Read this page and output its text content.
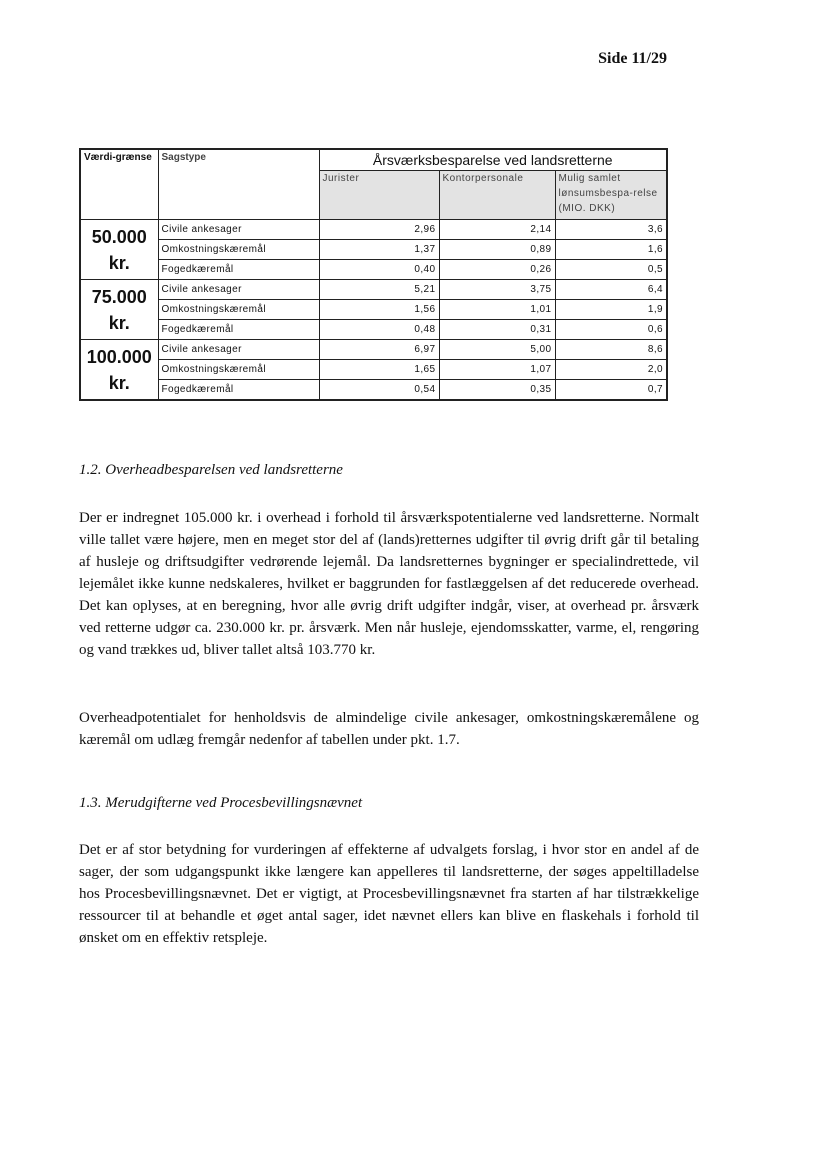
Side 11/29
Værdi-grænse	Sagstype	Årsværksbesparelse ved landsretterne		
		Jurister	Kontorpersonale	Mulig samlet lønsumsbespa-relse (MIO. DKK)
50.000 kr.	Civile ankesager	2,96	2,14	3,6
	Omkostningskæremål	1,37	0,89	1,6
	Fogedkæremål	0,40	0,26	0,5
75.000 kr.	Civile ankesager	5,21	3,75	6,4
	Omkostningskæremål	1,56	1,01	1,9
	Fogedkæremål	0,48	0,31	0,6
100.000 kr.	Civile ankesager	6,97	5,00	8,6
	Omkostningskæremål	1,65	1,07	2,0
	Fogedkæremål	0,54	0,35	0,7
1.2. Overheadbesparelsen ved landsretterne

Der er indregnet 105.000 kr. i overhead i forhold til årsværkspotentialerne ved landsretterne. Normalt ville tallet være højere, men en meget stor del af (lands)retternes udgifter til øvrig drift går til betaling af husleje og driftsudgifter vedrørende lejemål. Da landsretternes bygninger er specialindrettede, vil lejemålet ikke kunne nedskaleres, hvilket er baggrunden for fastlæggelsen af det reducerede overhead. Det kan oplyses, at en beregning, hvor alle øvrig drift udgifter indgår, viser, at overhead pr. årsværk ved retterne udgør ca. 230.000 kr. pr. årsværk. Men når husleje, ejendomsskatter, varme, el, rengøring og vand trækkes ud, bliver tallet altså 103.770 kr.

Overheadpotentialet for henholdsvis de almindelige civile ankesager, omkostningskæremålene og kæremål om udlæg fremgår nedenfor af tabellen under pkt. 1.7.

1.3. Merudgifterne ved Procesbevillingsnævnet

Det er af stor betydning for vurderingen af effekterne af udvalgets forslag, i hvor stor en andel af de sager, der som udgangspunkt ikke længere kan appelleres til landsretterne, der søges appeltilladelse hos Procesbevillingsnævnet. Det er vigtigt, at Procesbevillingsnævnet fra starten af har tilstrækkelige ressourcer til at behandle et øget antal sager, idet nævnet ellers kan blive en flaskehals i forhold til ønsket om en effektiv retspleje.
